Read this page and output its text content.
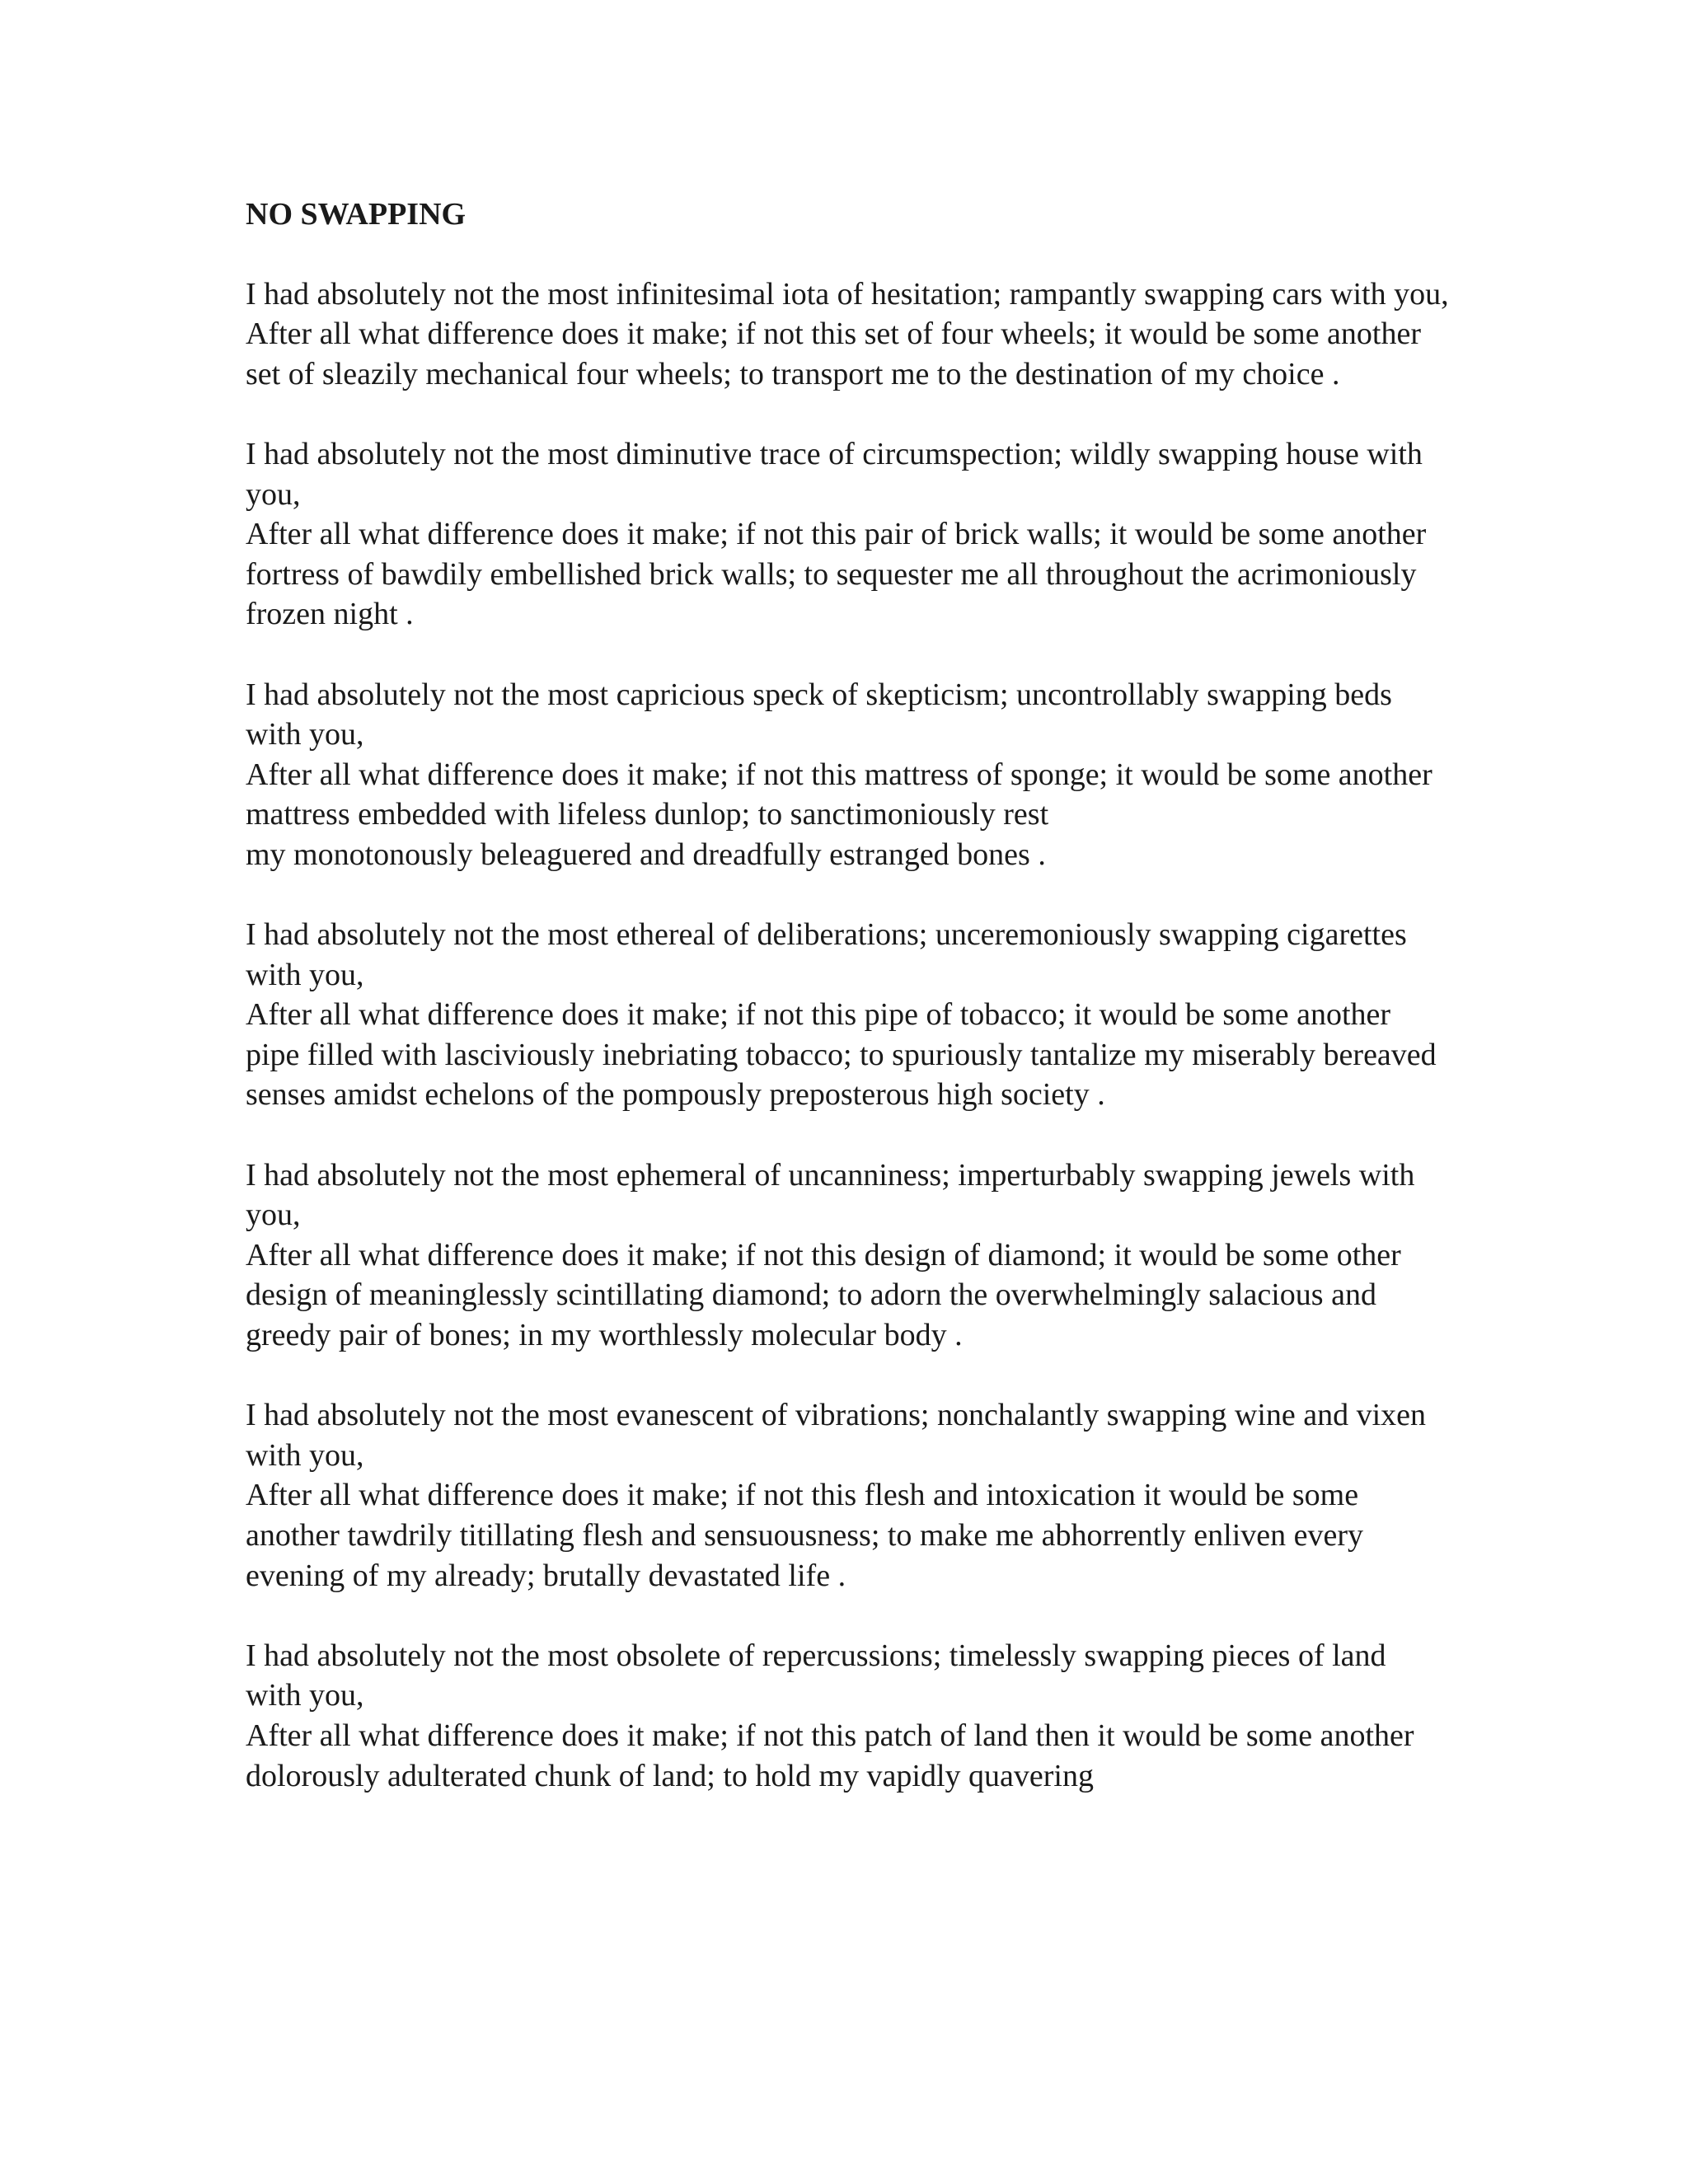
NO SWAPPING
I had absolutely not the most infinitesimal iota of hesitation; rampantly swapping cars with you,
After all what difference does it make; if not this set of four wheels; it would be some another set of sleazily mechanical four wheels; to transport me to the destination of my choice .
I had absolutely not the most diminutive trace of circumspection; wildly swapping house with you,
After all what difference does it make; if not this pair of brick walls; it would be some another fortress of bawdily embellished brick walls; to sequester me all throughout the acrimoniously frozen night .
I had absolutely not the most capricious speck of skepticism; uncontrollably swapping beds with you,
After all what difference does it make; if not this mattress of sponge; it would be some another mattress embedded with lifeless dunlop; to sanctimoniously rest
my monotonously beleaguered and dreadfully estranged bones .
I had absolutely not the most ethereal of deliberations; unceremoniously swapping cigarettes with you,
After all what difference does it make; if not this pipe of tobacco; it would be some another pipe filled with lasciviously inebriating tobacco; to spuriously tantalize my miserably bereaved senses amidst echelons of the pompously preposterous high society .
I had absolutely not the most ephemeral of uncanniness; imperturbably swapping jewels with you,
After all what difference does it make; if not this design of diamond; it would be some other design of meaninglessly scintillating diamond; to adorn the overwhelmingly salacious and greedy pair of bones; in my worthlessly molecular body .
I had absolutely not the most evanescent of vibrations; nonchalantly swapping wine and vixen with you,
After all what difference does it make; if not this flesh and intoxication it would be some another tawdrily titillating flesh and sensuousness; to make me abhorrently enliven every evening of my already; brutally devastated life .
I had absolutely not the most obsolete of repercussions; timelessly swapping pieces of land with you,
After all what difference does it make; if not this patch of land then it would be some another dolorously adulterated chunk of land; to hold my vapidly quavering
